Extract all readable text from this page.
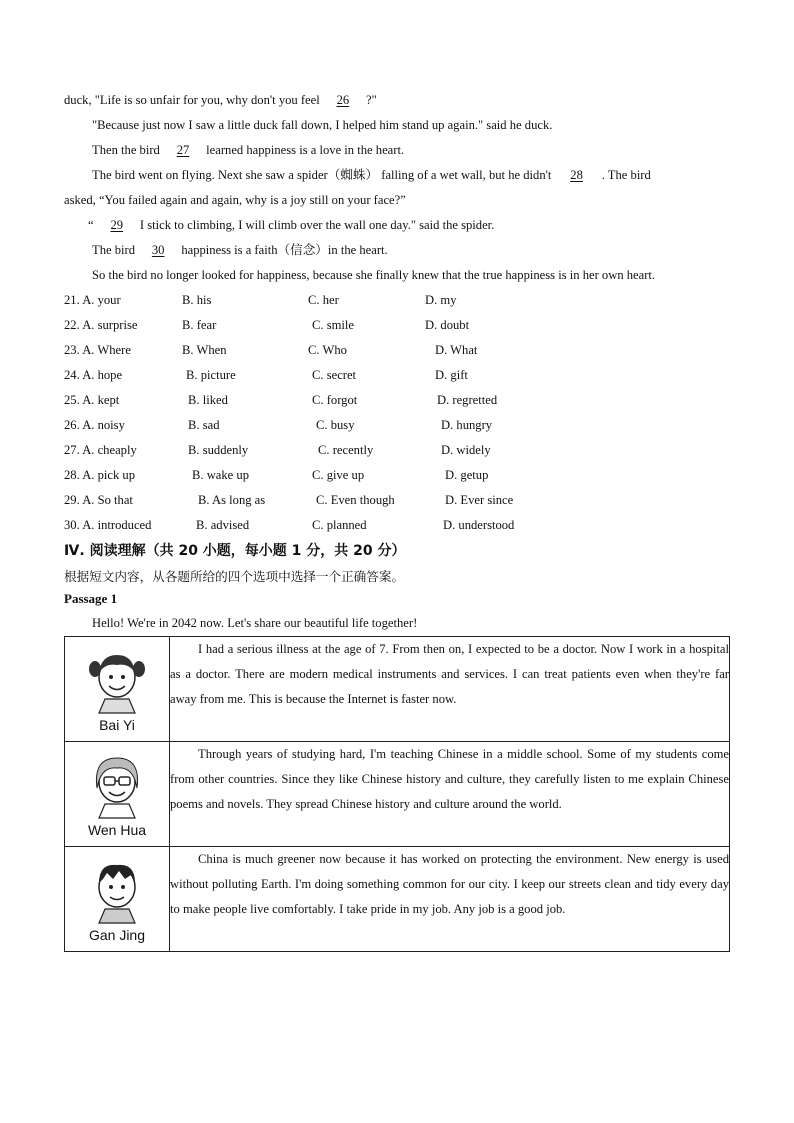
duck, "Life is so unfair for you, why don't you feel 26 ?"
"Because just now I saw a little duck fall down, I helped him stand up again." said he duck.
Then the bird 27 learned happiness is a love in the heart.
The bird went on flying. Next she saw a spider（蜘蛛） falling of a wet wall, but he didn't 28 . The bird
asked, “You failed again and again, why is a joy still on your face?”
“ 29 I stick to climbing, I will climb over the wall one day." said the spider.
The bird 30 happiness is a faith（信念）in the heart.
So the bird no longer looked for happiness, because she finally knew that the true happiness is in her own heart.
21. A. your	B. his	C. her	D. my
22. A. surprise	B. fear	C. smile	D. doubt
23. A. Where	B. When	C. Who	D. What
24. A. hope	B. picture	C. secret	D. gift
25. A. kept	B. liked	C. forgot	D. regretted
26. A. noisy	B. sad	C. busy	D. hungry
27. A. cheaply	B. suddenly	C. recently	D. widely
28. A. pick up	B. wake up	C. give up	D. getup
29. A. So that	B. As long as	C. Even though	D. Ever since
30. A. introduced	B. advised	C. planned	D. understood
Ⅳ. 阅读理解（共 20 小题，每小题 1 分，共 20 分）
根据短文内容，从各题所给的四个选项中选择一个正确答案。
Passage 1
Hello! We're in 2042 now. Let's share our beautiful life together!
Bai Yi	I had a serious illness at the age of 7. From then on, I expected to be a doctor. Now I work in a hospital as a doctor. There are modern medical instruments and services. I can treat patients even when they're far away from me. This is because the Internet is faster now.

Wen Hua	Through years of studying hard, I'm teaching Chinese in a middle school. Some of my students come from other countries. Since they like Chinese history and culture, they carefully listen to me explain Chinese poems and novels. They spread Chinese history and culture around the world.

Gan Jing	China is much greener now because it has worked on protecting the environment. New energy is used without polluting Earth. I'm doing something common for our city. I keep our streets clean and tidy every day to make people live comfortably. I take pride in my job. Any job is a good job.
